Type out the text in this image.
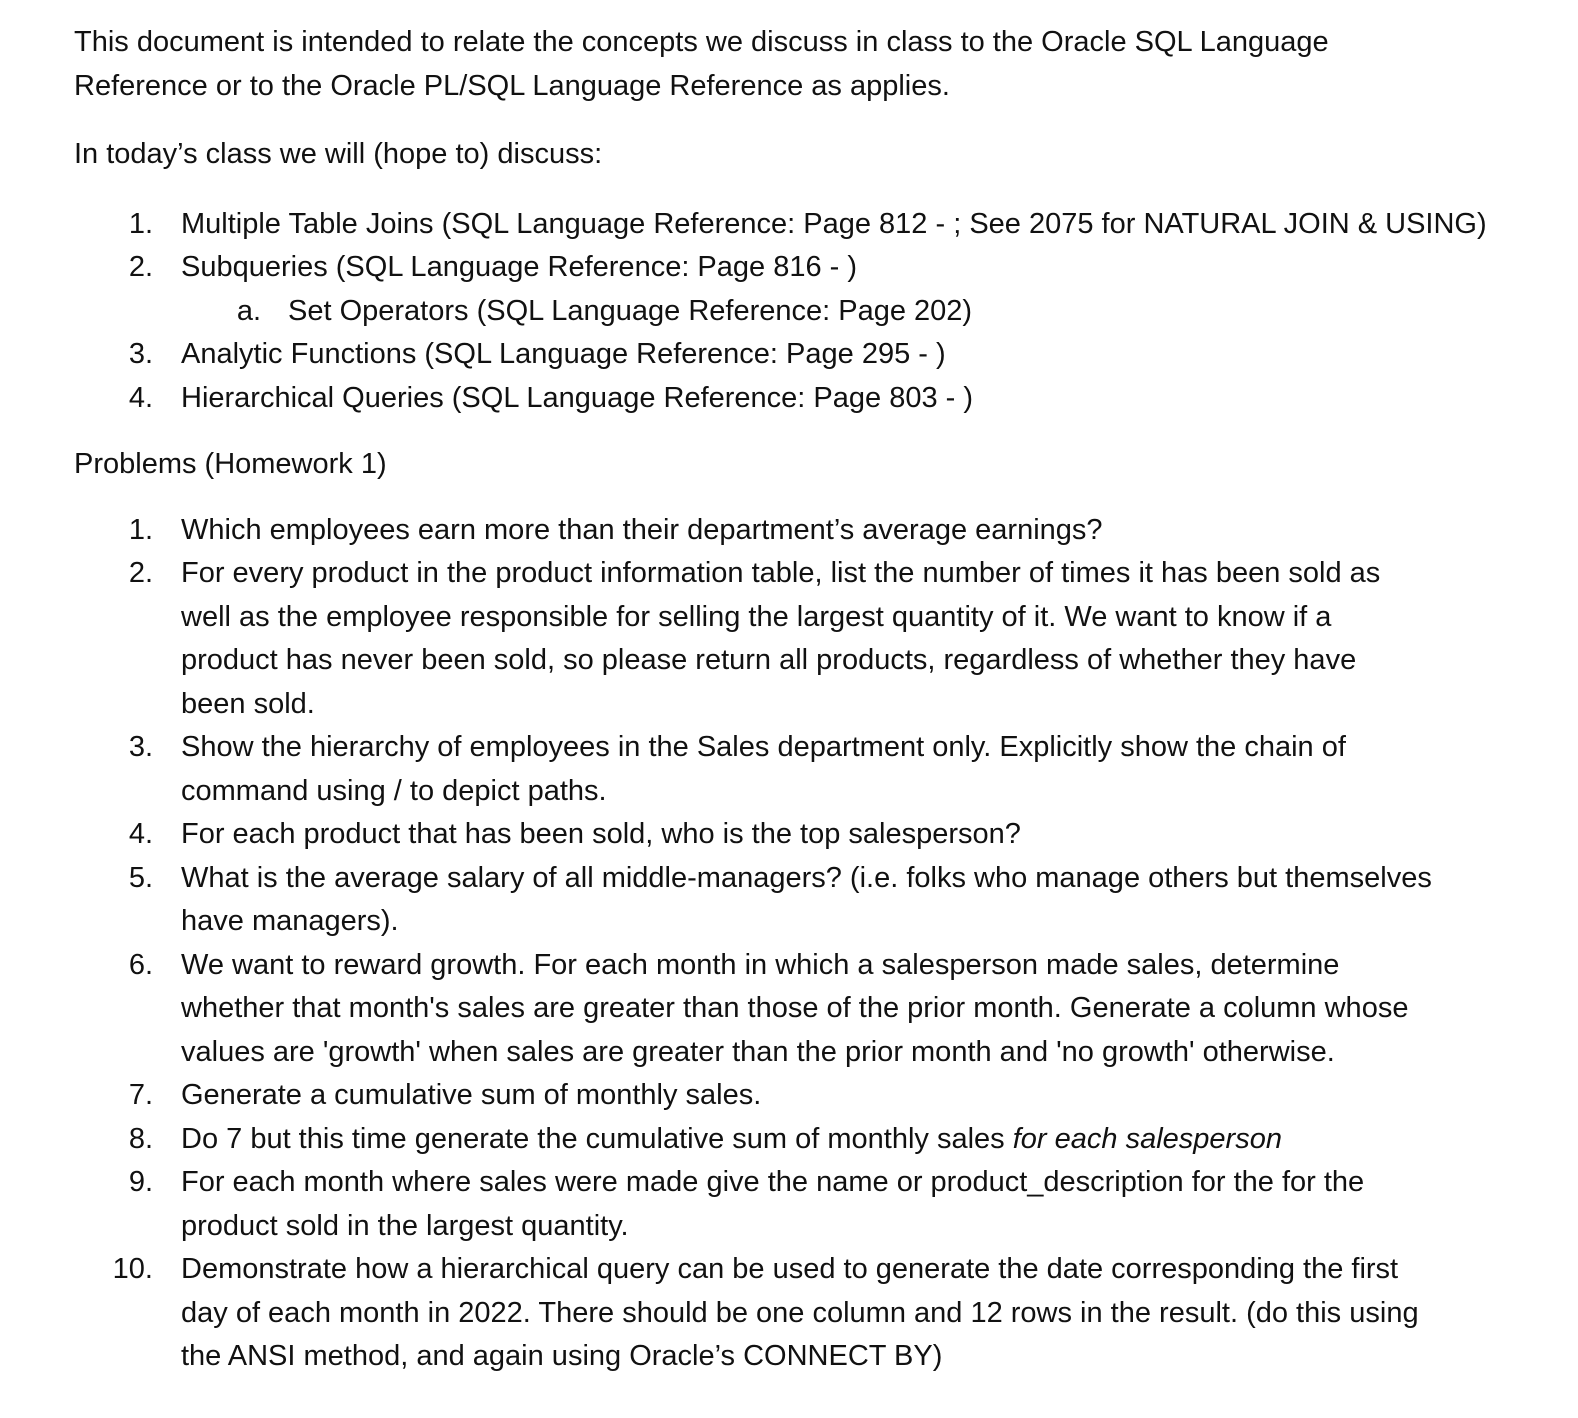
This document is intended to relate the concepts we discuss in class to the Oracle SQL Language
Reference or to the Oracle PL/SQL Language Reference as applies.

In today’s class we will (hope to) discuss:

1. Multiple Table Joins (SQL Language Reference: Page 812 - ; See 2075 for NATURAL JOIN & USING)
2. Subqueries (SQL Language Reference: Page 816 - )
a. Set Operators (SQL Language Reference: Page 202)
3. Analytic Functions (SQL Language Reference: Page 295 - )
4. Hierarchical Queries (SQL Language Reference: Page 803 - )

Problems (Homework 1)

1. Which employees earn more than their department’s average earnings?
2. For every product in the product information table, list the number of times it has been sold as
well as the employee responsible for selling the largest quantity of it. We want to know if a
product has never been sold, so please return all products, regardless of whether they have
been sold.
3. Show the hierarchy of employees in the Sales department only. Explicitly show the chain of
command using / to depict paths.
4. For each product that has been sold, who is the top salesperson?
5. What is the average salary of all middle-managers? (i.e. folks who manage others but themselves
have managers).
6. We want to reward growth. For each month in which a salesperson made sales, determine
whether that month's sales are greater than those of the prior month. Generate a column whose
values are 'growth' when sales are greater than the prior month and 'no growth' otherwise.
7. Generate a cumulative sum of monthly sales.
8. Do 7 but this time generate the cumulative sum of monthly sales for each salesperson
9. For each month where sales were made give the name or product_description for the for the
product sold in the largest quantity.
10. Demonstrate how a hierarchical query can be used to generate the date corresponding the first
day of each month in 2022. There should be one column and 12 rows in the result. (do this using
the ANSI method, and again using Oracle’s CONNECT BY)
